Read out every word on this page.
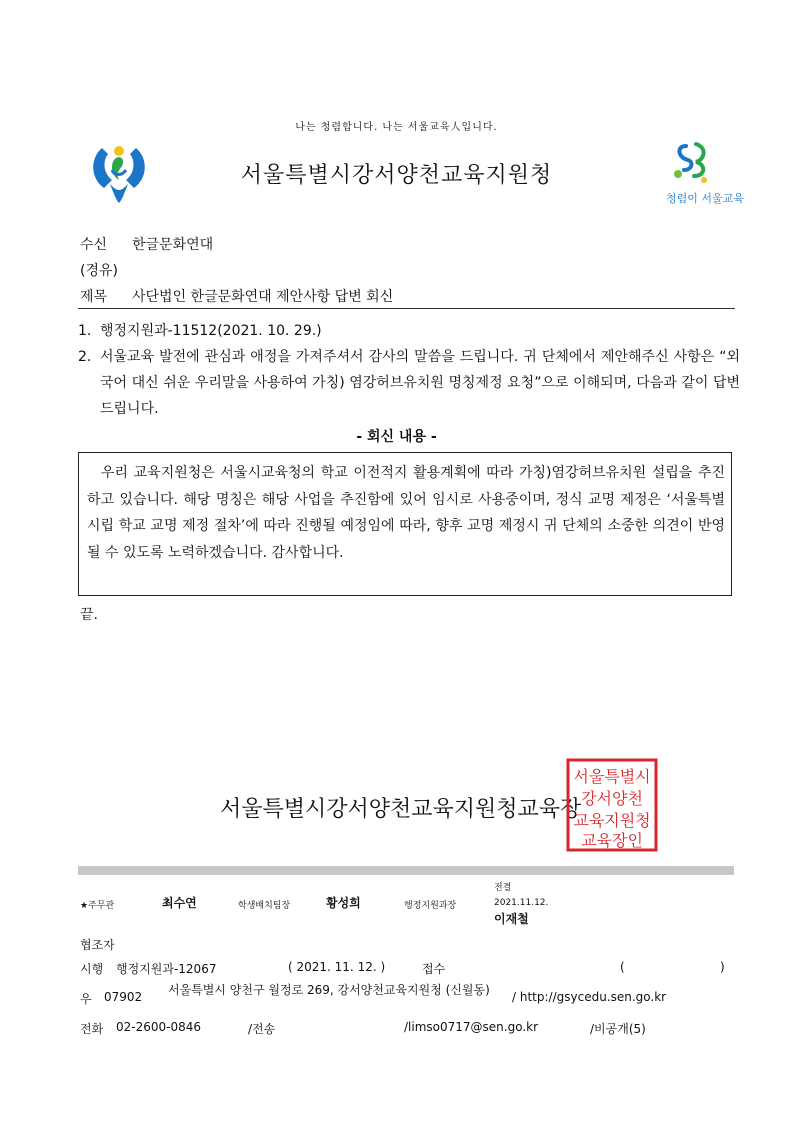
나는 청렴합니다. 나는 서울교육人입니다.
서울특별시강서양천교육지원청
청렴이 서울교육
수신 한글문화연대
(경유)
제목 사단법인 한글문화연대 제안사항 답변 회신
1. 행정지원과-11512(2021. 10. 29.)
2. 서울교육 발전에 관심과 애정을 가져주셔서 감사의 말씀을 드립니다. 귀 단체에서 제안해주신 사항은 “외국어 대신 쉬운 우리말을 사용하여 가칭) 염강허브유치원 명칭제정 요청”으로 이해되며, 다음과 같이 답변드립니다.
- 회신 내용 -
우리 교육지원청은 서울시교육청의 학교 이전적지 활용계획에 따라 가칭)염강허브유치원 설립을 추진하고 있습니다. 해당 명칭은 해당 사업을 추진함에 있어 임시로 사용중이며, 정식 교명 제정은 ‘서울특별시립 학교 교명 제정 절차’에 따라 진행될 예정임에 따라, 향후 교명 제정시 귀 단체의 소중한 의견이 반영될 수 있도록 노력하겠습니다. 감사합니다.
끝.
서울특별시강서양천교육지원청교육장
서울특별시
강서양천
교육지원청
교육장인
★주무관	최수연	학생배치팀장	황성희	행정지원과장
전결
2021.11.12.
이재철
협조자
시행 행정지원과-12067	( 2021. 11. 12. )	접수	(	)
우 07902 서울특별시 양천구 월정로 269, 강서양천교육지원청 (신월동)	/ http://gsycedu.sen.go.kr
전화 02-2600-0846	/전송	/limso0717@sen.go.kr	/비공개(5)
